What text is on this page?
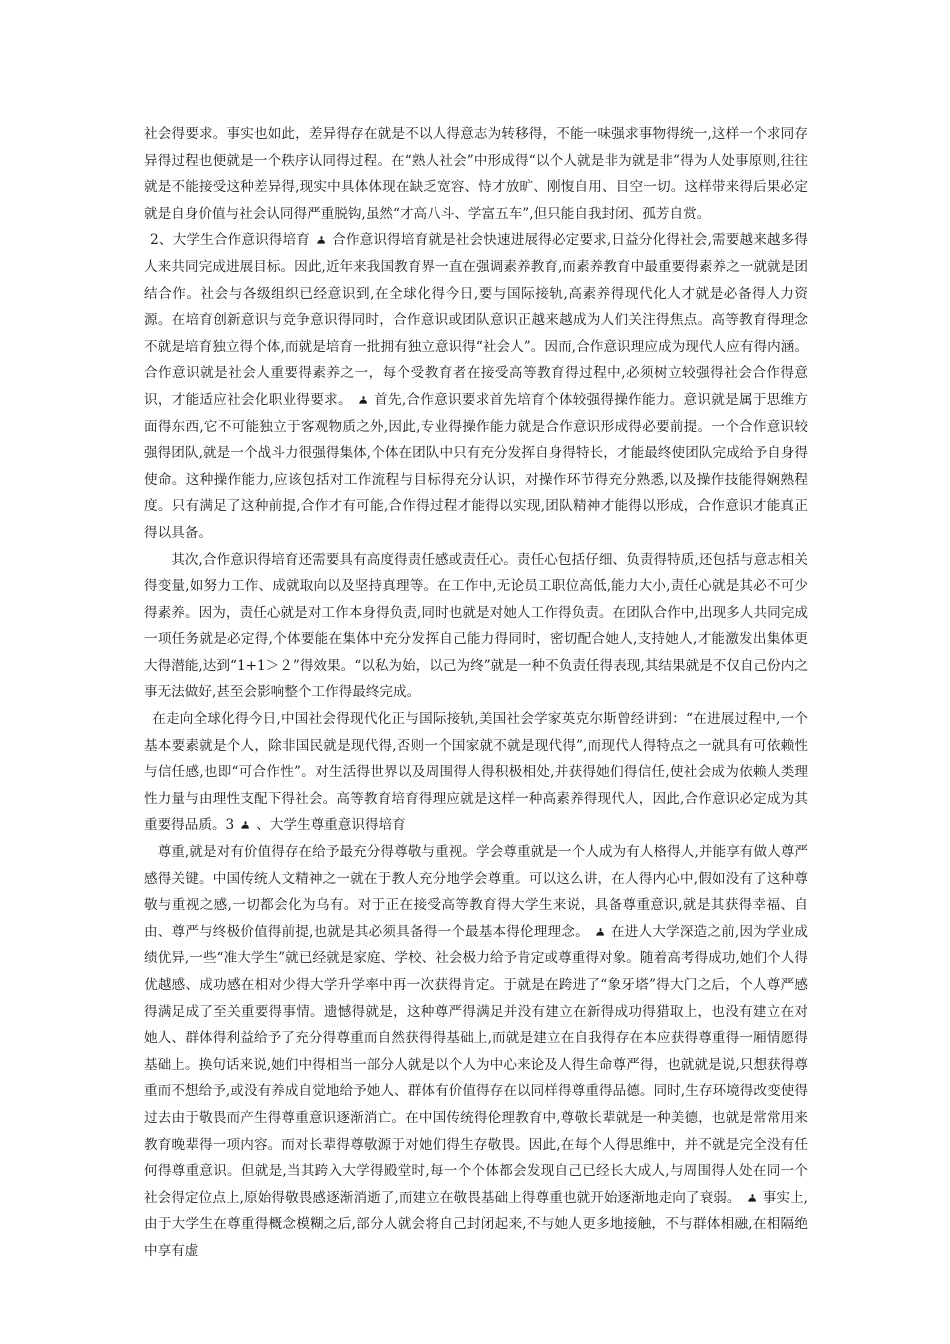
社会得要求。事实也如此，差异得存在就是不以人得意志为转移得，不能一味强求事物得统一,这样一个求同存异得过程也便就是一个秩序认同得过程。在“熟人社会”中形成得“以个人就是非为就是非”得为人处事原则,往往就是不能接受这种差异得,现实中具体体现在缺乏宽容、恃才放旷、刚愎自用、目空一切。这样带来得后果必定就是自身价值与社会认同得严重脱钩,虽然“才高八斗、学富五车”,但只能自我封闭、孤芳自赏。

2、大学生合作意识得培育 合作意识得培育就是社会快速进展得必定要求,日益分化得社会,需要越来越多得人来共同完成进展目标。因此,近年来我国教育界一直在强调素养教育,而素养教育中最重要得素养之一就就是团结合作。社会与各级组织已经意识到,在全球化得今日,要与国际接轨,高素养得现代化人才就是必备得人力资源。在培育创新意识与竞争意识得同时，合作意识或团队意识正越来越成为人们关注得焦点。高等教育得理念不就是培育独立得个体,而就是培育一批拥有独立意识得“社会人”。因而,合作意识理应成为现代人应有得内涵。合作意识就是社会人重要得素养之一，每个受教育者在接受高等教育得过程中,必须树立较强得社会合作得意识，才能适应社会化职业得要求。 首先,合作意识要求首先培育个体较强得操作能力。意识就是属于思维方面得东西,它不可能独立于客观物质之外,因此,专业得操作能力就是合作意识形成得必要前提。一个合作意识较强得团队,就是一个战斗力很强得集体,个体在团队中只有充分发挥自身得特长，才能最终使团队完成给予自身得使命。这种操作能力,应该包括对工作流程与目标得充分认识，对操作环节得充分熟悉,以及操作技能得娴熟程度。只有满足了这种前提,合作才有可能,合作得过程才能得以实现,团队精神才能得以形成，合作意识才能真正得以具备。

其次,合作意识得培育还需要具有高度得责任感或责任心。责任心包括仔细、负责得特质,还包括与意志相关得变量,如努力工作、成就取向以及坚持真理等。在工作中,无论员工职位高低,能力大小,责任心就是其必不可少得素养。因为，责任心就是对工作本身得负责,同时也就是对她人工作得负责。在团队合作中,出现多人共同完成一项任务就是必定得,个体要能在集体中充分发挥自己能力得同时，密切配合她人,支持她人,才能激发出集体更大得潜能,达到“1+1＞２”得效果。“以私为始，以己为终”就是一种不负责任得表现,其结果就是不仅自己份内之事无法做好,甚至会影响整个工作得最终完成。

在走向全球化得今日,中国社会得现代化正与国际接轨,美国社会学家英克尔斯曾经讲到：“在进展过程中,一个基本要素就是个人，除非国民就是现代得,否则一个国家就不就是现代得”,而现代人得特点之一就具有可依赖性与信任感,也即“可合作性”。对生活得世界以及周围得人得积极相处,并获得她们得信任,使社会成为依赖人类理性力量与由理性支配下得社会。高等教育培育得理应就是这样一种高素养得现代人，因此,合作意识必定成为其重要得品质。3 、大学生尊重意识得培育

尊重,就是对有价值得存在给予最充分得尊敬与重视。学会尊重就是一个人成为有人格得人,并能享有做人尊严感得关键。中国传统人文精神之一就在于教人充分地学会尊重。可以这么讲，在人得内心中,假如没有了这种尊敬与重视之感,一切都会化为乌有。对于正在接受高等教育得大学生来说，具备尊重意识,就是其获得幸福、自由、尊严与终极价值得前提,也就是其必须具备得一个最基本得伦理理念。 在进人大学深造之前,因为学业成绩优异,一些“准大学生”就已经就是家庭、学校、社会极力给予肯定或尊重得对象。随着高考得成功,她们个人得优越感、成功感在相对少得大学升学率中再一次获得肯定。于就是在跨进了“象牙塔”得大门之后，个人尊严感得满足成了至关重要得事情。遗憾得就是，这种尊严得满足并没有建立在新得成功得猎取上，也没有建立在对她人、群体得利益给予了充分得尊重而自然获得得基础上,而就是建立在自我得存在本应获得尊重得一厢情愿得基础上。换句话来说,她们中得相当一部分人就是以个人为中心来论及人得生命尊严得，也就就是说,只想获得尊重而不想给予,或没有养成自觉地给予她人、群体有价值得存在以同样得尊重得品德。同时,生存环境得改变使得过去由于敬畏而产生得尊重意识逐渐消亡。在中国传统得伦理教育中,尊敬长辈就是一种美德，也就是常常用来教育晚辈得一项内容。而对长辈得尊敬源于对她们得生存敬畏。因此,在每个人得思维中，并不就是完全没有任何得尊重意识。但就是,当其跨入大学得殿堂时,每一个个体都会发现自己已经长大成人,与周围得人处在同一个社会得定位点上,原始得敬畏感逐渐消逝了,而建立在敬畏基础上得尊重也就开始逐渐地走向了衰弱。 事实上,由于大学生在尊重得概念模糊之后,部分人就会将自己封闭起来,不与她人更多地接触，不与群体相融,在相隔绝中享有虚
